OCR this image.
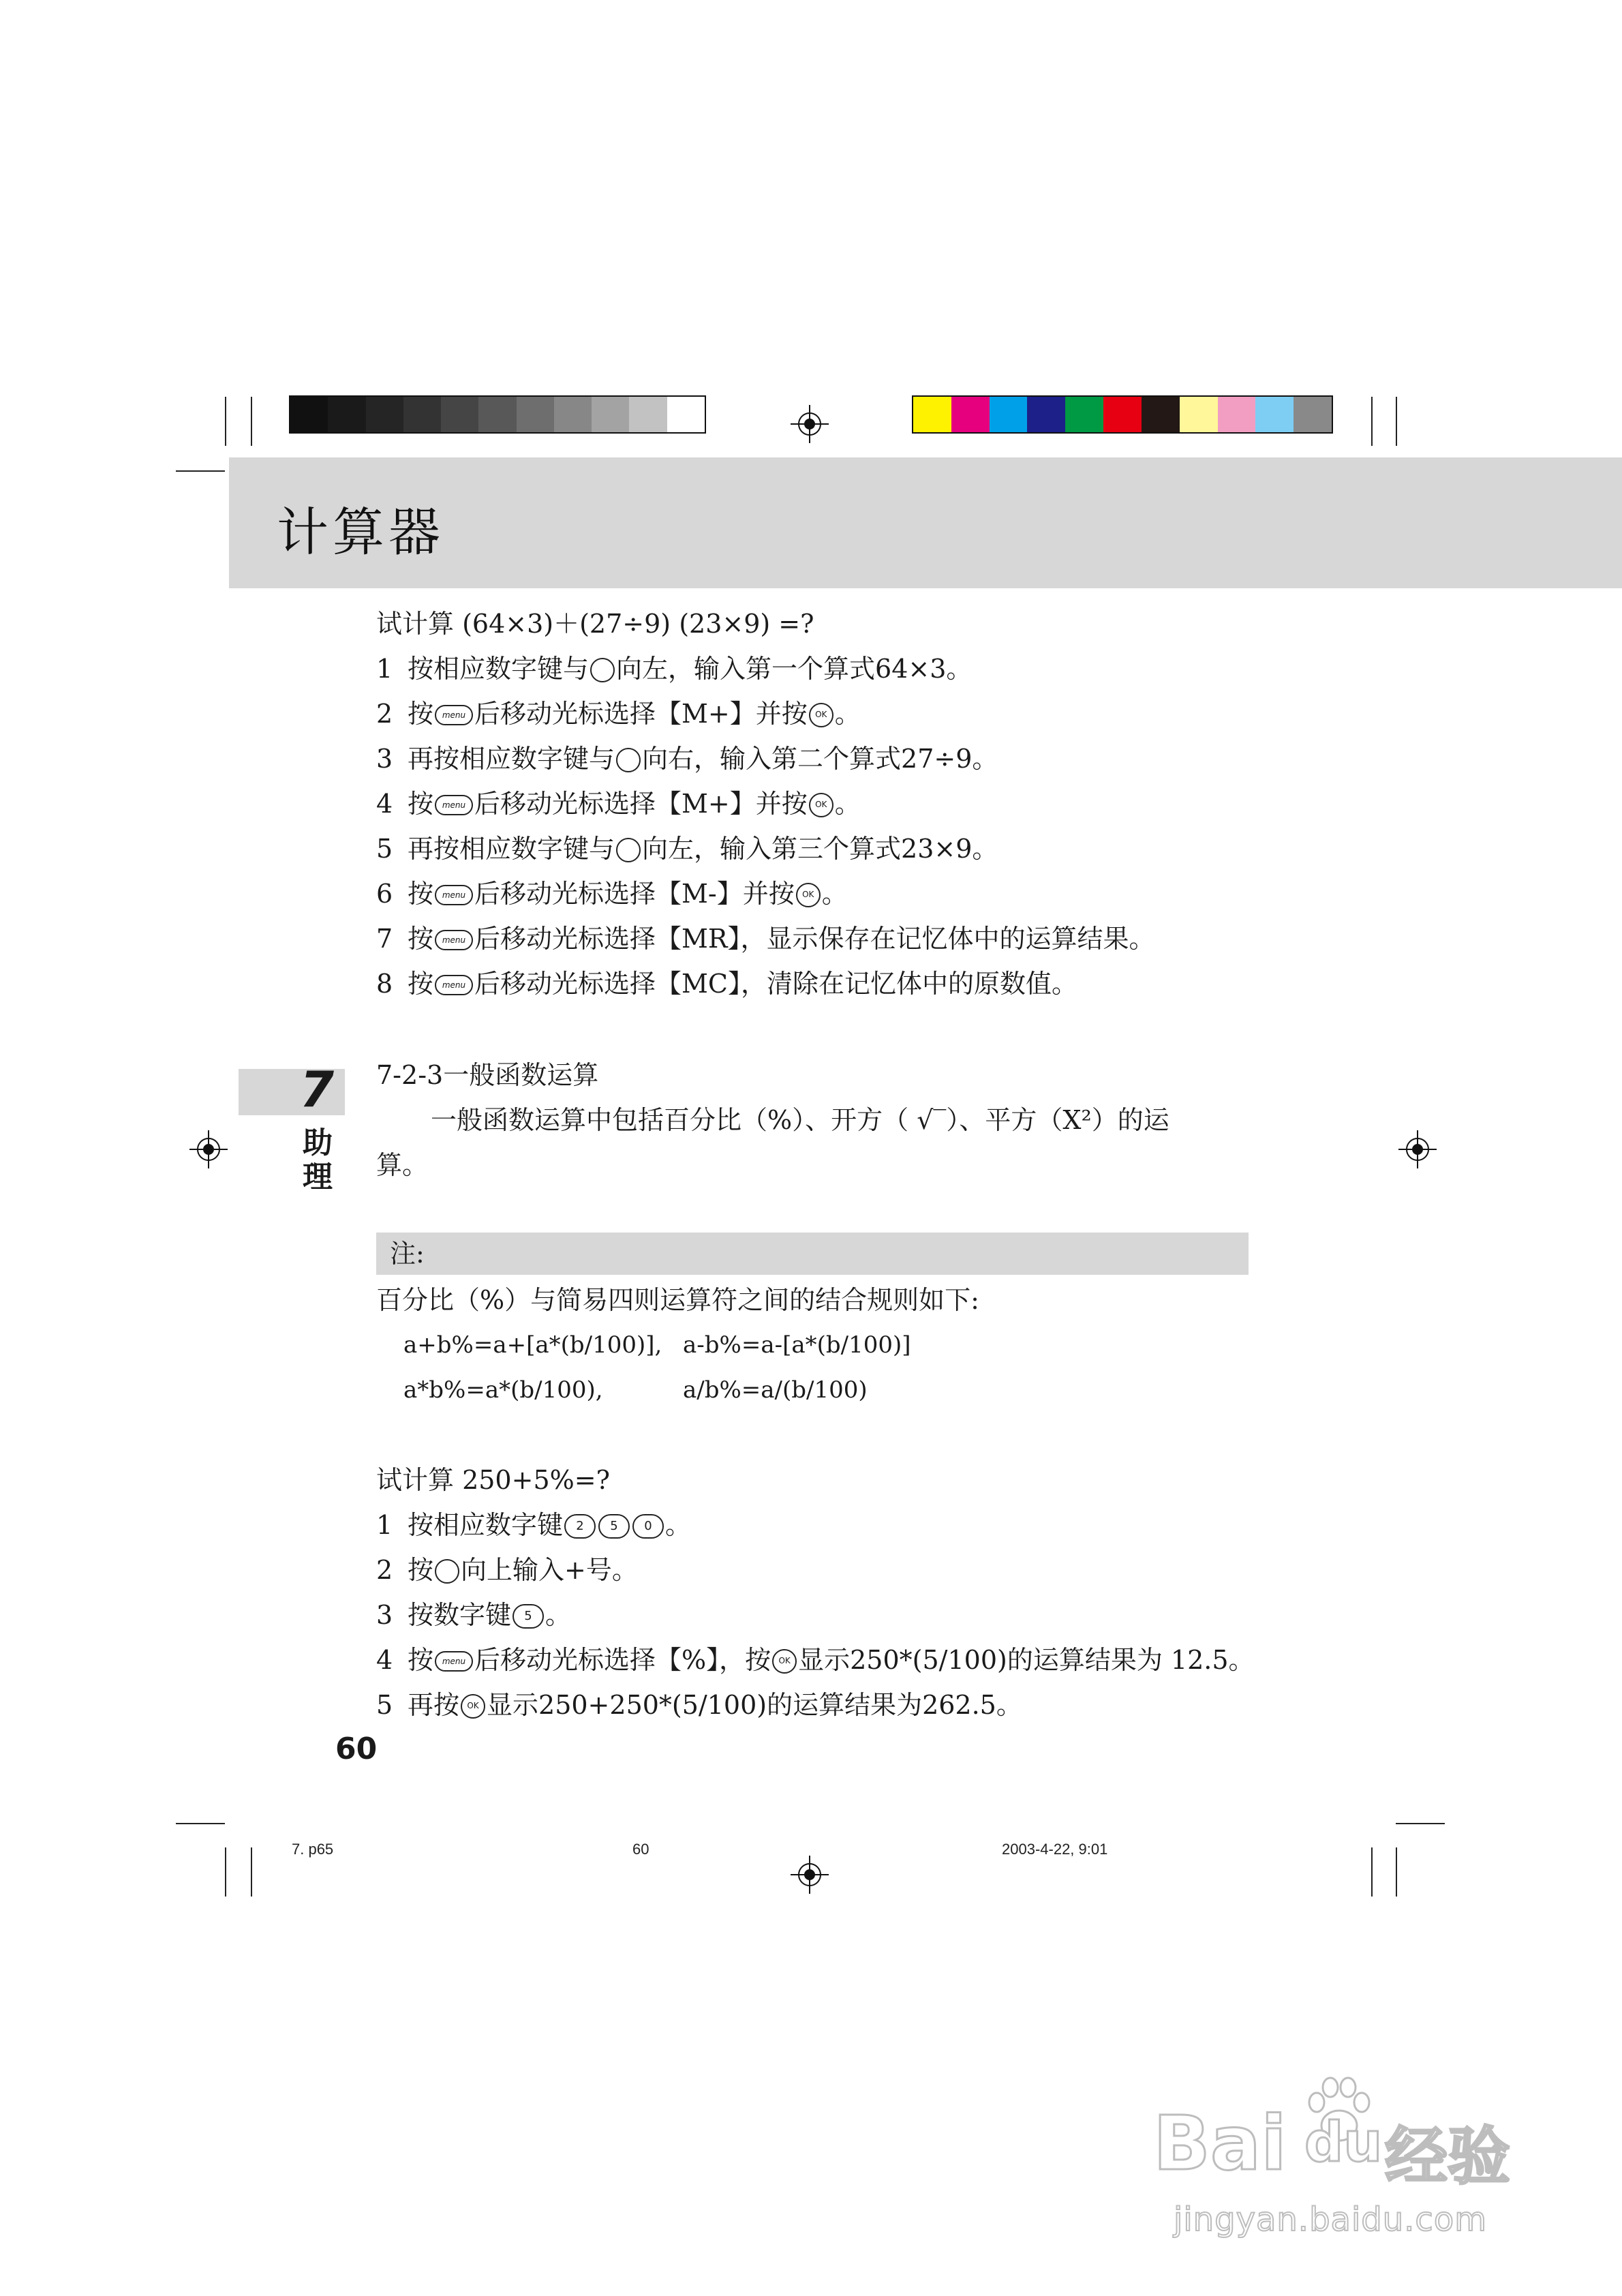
计算器
试计算 (64×3)＋(27÷9) (23×9) =?
1 按相应数字键与 向左，输入第一个算式64×3。
2 按 menu 后移动光标选择【M+】并按 OK 。
3 再按相应数字键与 向右，输入第二个算式27÷9。
4 按 menu 后移动光标选择【M+】并按 OK 。
5 再按相应数字键与 向左，输入第三个算式23×9。
6 按 menu 后移动光标选择【M-】并按 OK 。
7 按 menu 后移动光标选择【MR】，显示保存在记忆体中的运算结果。
8 按 menu 后移动光标选择【MC】，清除在记忆体中的原数值。
7
助
理
7-2-3一般函数运算
一般函数运算中包括百分比（%）、开方（ √‾）、平方（X²）的运
算。
注:
百分比（%）与简易四则运算符之间的结合规则如下:
a+b%=a+[a*(b/100)], a-b%=a-[a*(b/100)]
a*b%=a*(b/100),	a/b%=a/(b/100)
试计算 250+5%=?
1 按相应数字键 2 5 0 。
2 按 向上输入+号。
3 按数字键 5 。
4 按 menu 后移动光标选择【%】，按 OK 显示250*(5/100)的运算结果为 12.5。
5 再按 OK 显示250+250*(5/100)的运算结果为262.5。
60
7. p65	60	2003-4-22, 9:01
Bai du 经验
jingyan.baidu.com
